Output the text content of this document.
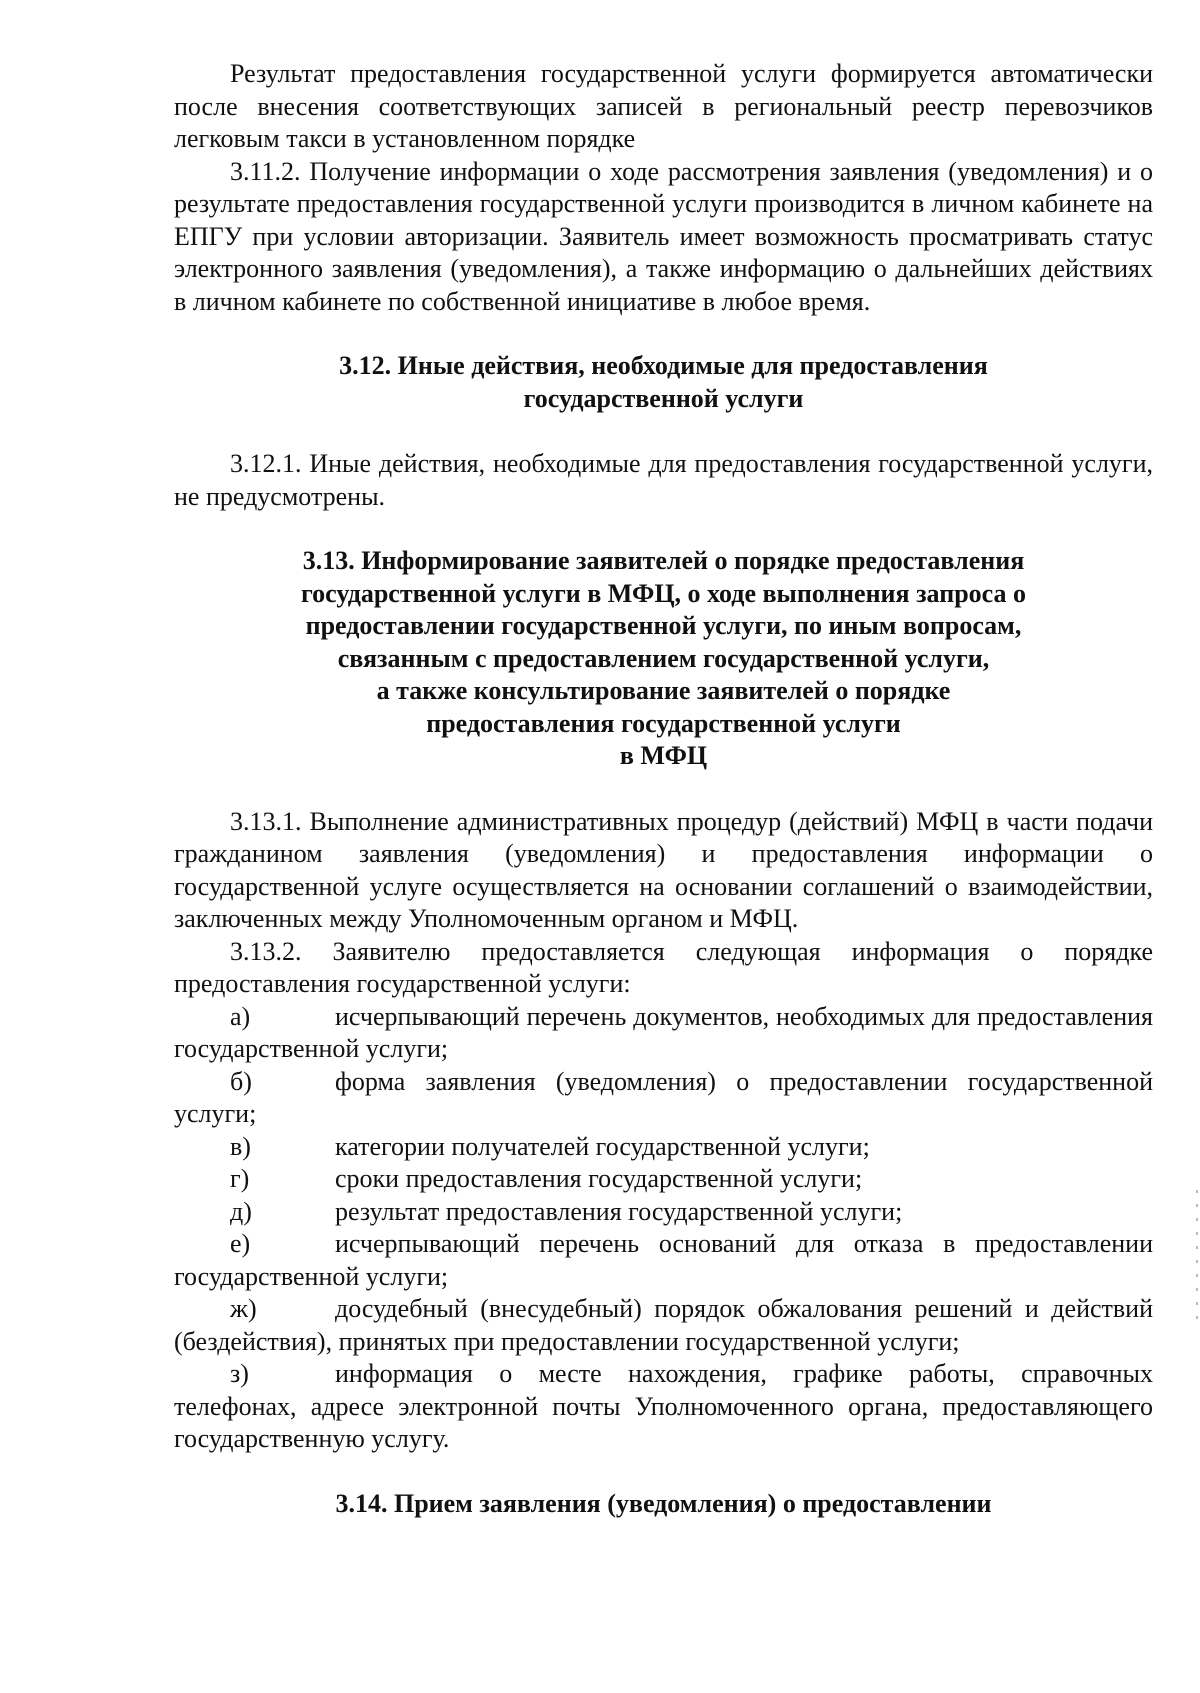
Результат предоставления государственной услуги формируется автоматически после внесения соответствующих записей в региональный реестр перевозчиков легковым такси в установленном порядке

3.11.2. Получение информации о ходе рассмотрения заявления (уведомления) и о результате предоставления государственной услуги производится в личном кабинете на ЕПГУ при условии авторизации. Заявитель имеет возможность просматривать статус электронного заявления (уведомления), а также информацию о дальнейших действиях в личном кабинете по собственной инициативе в любое время.

3.12. Иные действия, необходимые для предоставления
государственной услуги

3.12.1. Иные действия, необходимые для предоставления государственной услуги, не предусмотрены.

3.13. Информирование заявителей о порядке предоставления
государственной услуги в МФЦ, о ходе выполнения запроса о
предоставлении государственной услуги, по иным вопросам,
связанным с предоставлением государственной услуги,
а также консультирование заявителей о порядке
предоставления государственной услуги
в МФЦ

3.13.1. Выполнение административных процедур (действий) МФЦ в части подачи гражданином заявления (уведомления) и предоставления информации о государственной услуге осуществляется на основании соглашений о взаимодействии, заключенных между Уполномоченным органом и МФЦ.

3.13.2. Заявителю предоставляется следующая информация о порядке предоставления государственной услуги:

а)	исчерпывающий перечень документов, необходимых для предоставления государственной услуги;

б)	форма заявления (уведомления) о предоставлении государственной услуги;

в)	категории получателей государственной услуги;

г)	сроки предоставления государственной услуги;

д)	результат предоставления государственной услуги;

е)	исчерпывающий перечень оснований для отказа в предоставлении государственной услуги;

ж)	досудебный (внесудебный) порядок обжалования решений и действий (бездействия), принятых при предоставлении государственной услуги;

з)	информация о месте нахождения, графике работы, справочных телефонах, адресе электронной почты Уполномоченного органа, предоставляющего государственную услугу.

3.14. Прием заявления (уведомления) о предоставлении
